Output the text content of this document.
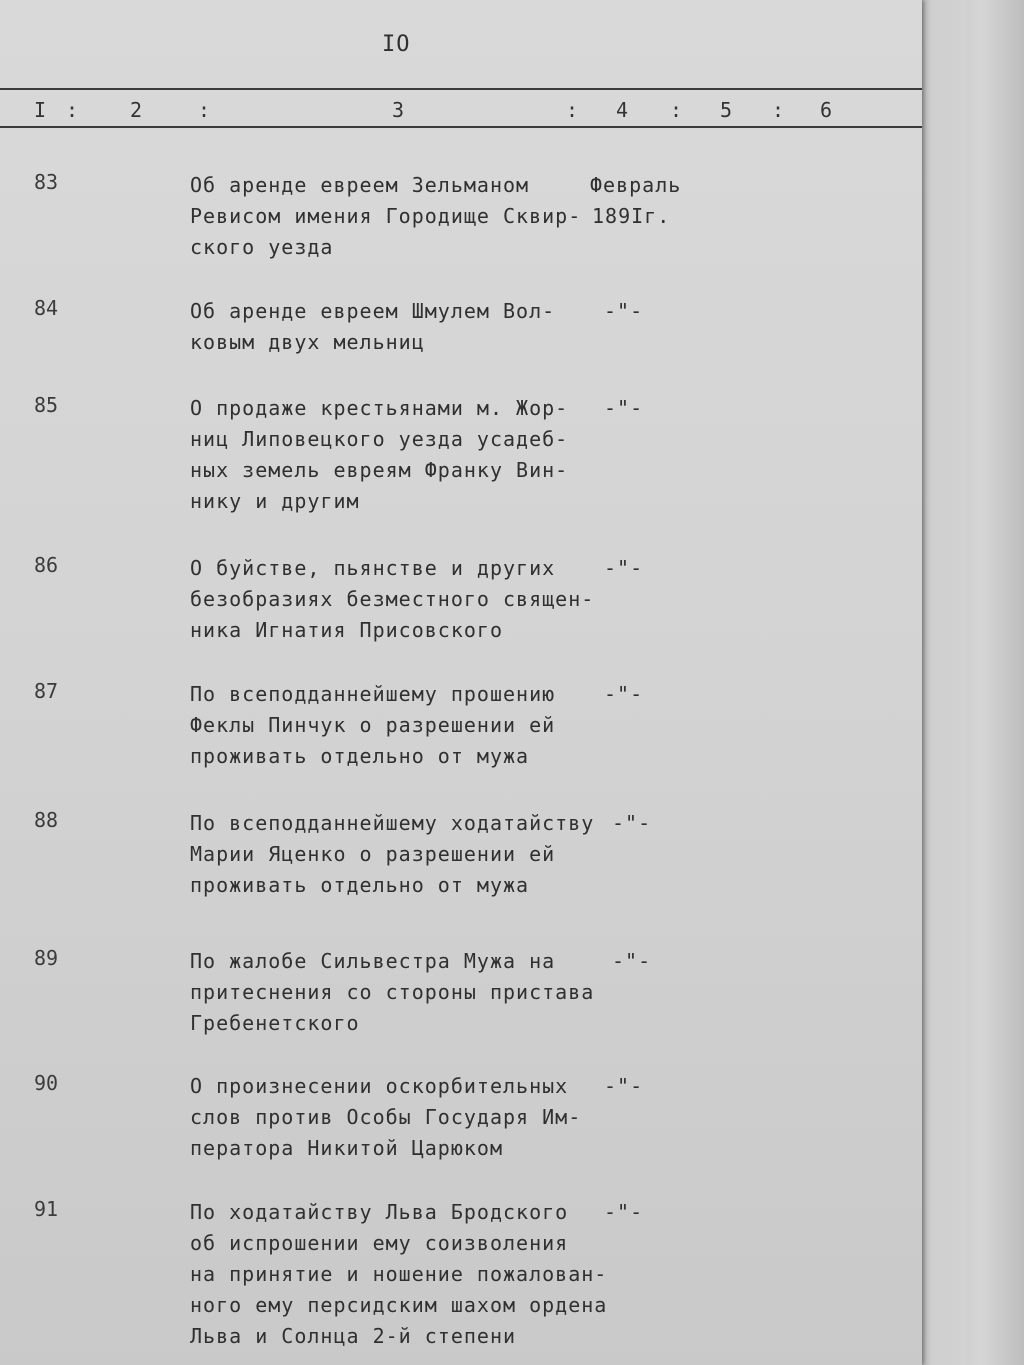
IO
I :	2	:	3	: 4 : 5 : 6
83	Об аренде евреем Зельманом
Ревисом имения Городище Сквир-
ского уезда
Февраль
189Iг.
84	Об аренде евреем Шмулем Вол-
ковым двух мельниц
-"-
85	О продаже крестьянами м. Жор-
ниц Липовецкого уезда усадеб-
ных земель евреям Франку Вин-
нику и другим
-"-
86	О буйстве, пьянстве и других
безобразиях безместного священ-
ника Игнатия Присовского
-"-
87	По всеподданнейшему прошению
Феклы Пинчук о разрешении ей
проживать отдельно от мужа
-"-
88	По всеподданнейшему ходатайству
Марии Яценко о разрешении ей
проживать отдельно от мужа
-"-
89	По жалобе Сильвестра Мужа на
притеснения со стороны пристава
Гребенетского
-"-
90	О произнесении оскорбительных
слов против Особы Государя Им-
ператора Никитой Царюком
-"-
91	По ходатайству Льва Бродского
об испрошении ему соизволения
на принятие и ношение пожалован-
ного ему персидским шахом ордена
Льва и Солнца 2-й степени
-"-
